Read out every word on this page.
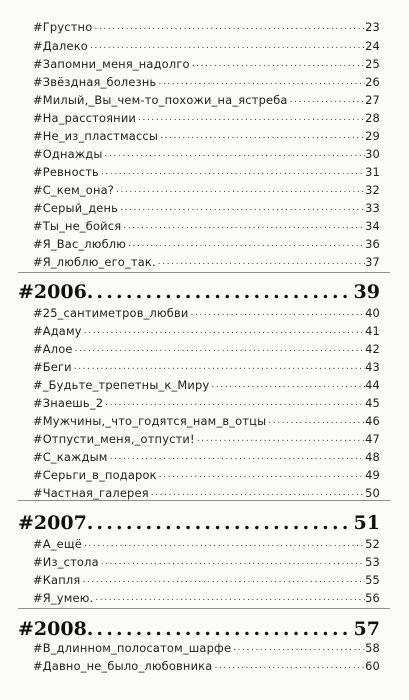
#Грустно .....	23
#Далеко .....	24
#Запомни_меня_надолго .....	25
#Звёздная_болезнь .....	26
#Милый,_Вы_чем-то_похожи_на_ястреба .....	27
#На_расстоянии .....	28
#Не_из_пластмассы .....	29
#Однажды .....	30
#Ревность .....	31
#С_кем_она? .....	32
#Серый_день .....	33
#Ты_не_бойся .....	34
#Я_Вас_люблю .....	36
#Я_люблю_его_так. .....	37
#2006. .....	39
#25_сантиметров_любви .....	40
#Адаму .....	41
#Алое .....	42
#Беги .....	43
#_Будьте_трепетны_к_Миру .....	44
#Знаешь_2 .....	45
#Мужчины,_что_годятся_нам_в_отцы .....	46
#Отпусти_меня,_отпусти! .....	47
#С_каждым .....	48
#Серьги_в_подарок .....	49
#Частная_галерея .....	50
#2007. .....	51
#А_ещё .....	52
#Из_стола .....	53
#Капля .....	55
#Я_умею. .....	56
#2008. .....	57
#В_длинном_полосатом_шарфе .....	58
#Давно_не_было_любовника .....	60
